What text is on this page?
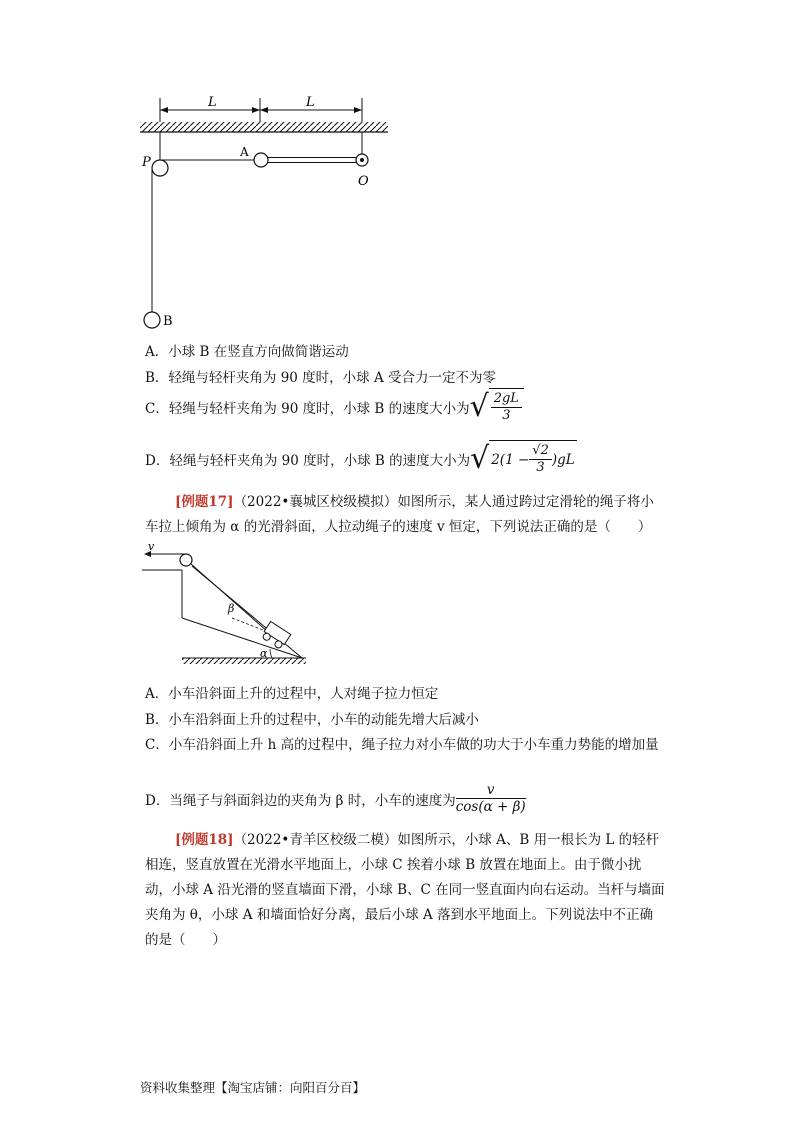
L	L
P
A
O
B
A．小球 B 在竖直方向做简谐运动
B．轻绳与轻杆夹角为 90 度时，小球 A 受合力一定不为零
C．轻绳与轻杆夹角为 90 度时，小球 B 的速度大小为 √ $\frac{2gL}{3}$
D．轻绳与轻杆夹角为 90 度时，小球 B 的速度大小为 √ $2(1 - \frac{√2}{3} )gL$
[例题17]（2022•襄城区校级模拟）如图所示，某人通过跨过定滑轮的绳子将小车拉上倾角为 α 的光滑斜面，人拉动绳子的速度 v 恒定，下列说法正确的是（　　）
v
β
α
A．小车沿斜面上升的过程中，人对绳子拉力恒定
B．小车沿斜面上升的过程中，小车的动能先增大后减小
C．小车沿斜面上升 h 高的过程中，绳子拉力对小车做的功大于小车重力势能的增加量
D．当绳子与斜面斜边的夹角为 β 时，小车的速度为 $\frac{v}{\cos(\alpha + \beta)}$
[例题18]（2022•青羊区校级二模）如图所示，小球 A、B 用一根长为 L 的轻杆相连，竖直放置在光滑水平地面上，小球 C 挨着小球 B 放置在地面上。由于微小扰动，小球 A 沿光滑的竖直墙面下滑，小球 B、C 在同一竖直面内向右运动。当杆与墙面夹角为 θ，小球 A 和墙面恰好分离，最后小球 A 落到水平地面上。下列说法中不正确的是（　　）
资料收集整理【淘宝店铺：向阳百分百】
